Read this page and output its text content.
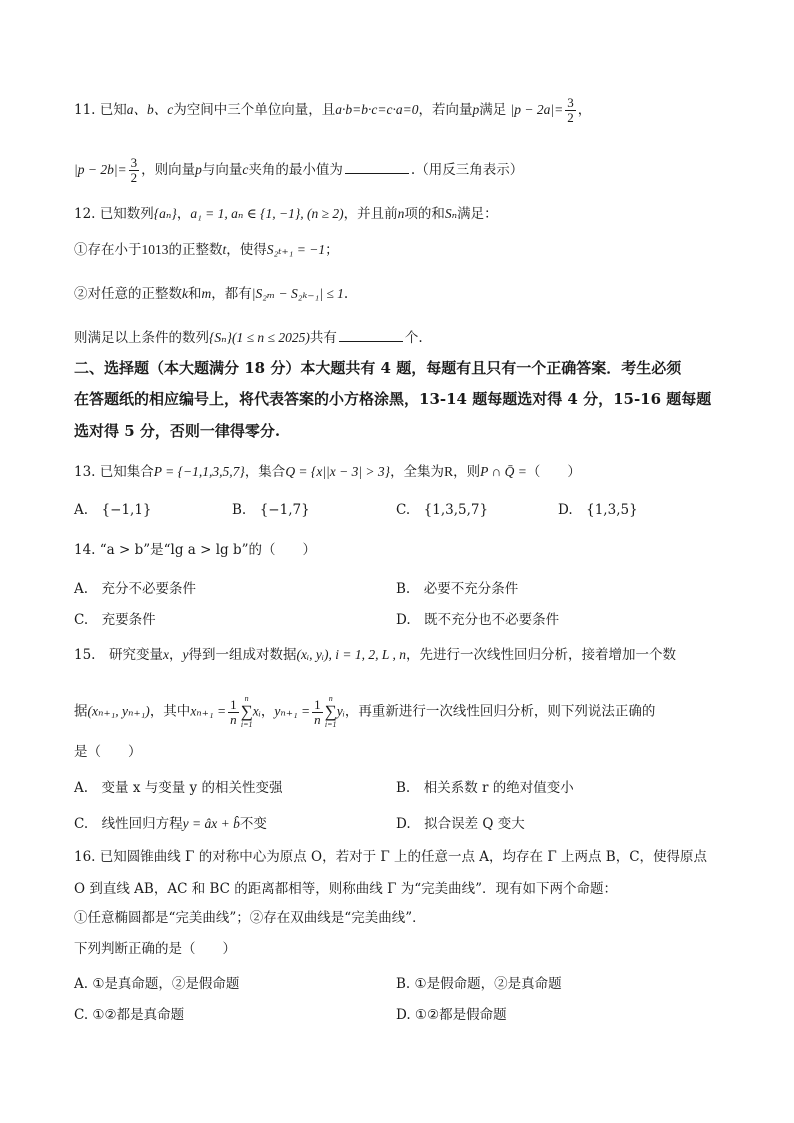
11. 已知a、b、c为空间中三个单位向量，且a·b=b·c=c·a=0，若向量p满足 $|p - 2a|= \frac{3}{2}$ ，
$|p - 2b|= \frac{3}{2}$ ，则向量p与向量c夹角的最小值为	.（用反三角表示）
12. 已知数列{aₙ}，a₁ = 1, aₙ ∈ {1, −1}, (n ≥ 2)，并且前n项的和Sₙ满足：
①存在小于1013的正整数t，使得S₂ₜ₊₁ = −1；
②对任意的正整数k和m，都有|S₂ₘ − S₂ₖ₋₁| ≤ 1.
则满足以上条件的数列{Sₙ}(1 ≤ n ≤ 2025)共有	个.
二、选择题（本大题满分 18 分）本大题共有 4 题，每题有且只有一个正确答案．考生必须
在答题纸的相应编号上，将代表答案的小方格涂黑，13-14 题每题选对得 4 分，15-16 题每题
选对得 5 分，否则一律得零分.
13. 已知集合P = {−1,1,3,5,7}，集合Q = {x||x − 3| > 3}，全集为R，则P ∩ Q̄ =（　　）
A.　{−1,1}	B.　{−1,7}	C.　{1,3,5,7}	D.　{1,3,5}
14. “a > b”是“lg a > lg b”的（　　）
A.　充分不必要条件	B.　必要不充分条件
C.　充要条件	D.　既不充分也不必要条件
15.　研究变量x，y得到一组成对数据(xᵢ, yᵢ), i = 1, 2, L , n，先进行一次线性回归分析，接着增加一个数
据(xₙ₊₁, yₙ₊₁)，其中$x_{n+1} = \frac{1}{n}$ n
∑
i=1
xᵢ，$y_{n+1} = \frac{1}{n}$ n
∑
i=1
yᵢ，再重新进行一次线性回归分析，则下列说法正确的
是（　　）
A.　变量 x 与变量 y 的相关性变强	B.　相关系数 r 的绝对值变小
C.　线性回归方程y = âx + b̂不变	D.　拟合误差 Q 变大
16. 已知圆锥曲线 Γ 的对称中心为原点 O，若对于 Γ 上的任意一点 A，均存在 Γ 上两点 B，C，使得原点
O 到直线 AB，AC 和 BC 的距离都相等，则称曲线 Γ 为“完美曲线”．现有如下两个命题：
①任意椭圆都是“完美曲线”；②存在双曲线是“完美曲线”．
下列判断正确的是（　　）
A. ①是真命题，②是假命题	B. ①是假命题，②是真命题
C. ①②都是真命题	D. ①②都是假命题
